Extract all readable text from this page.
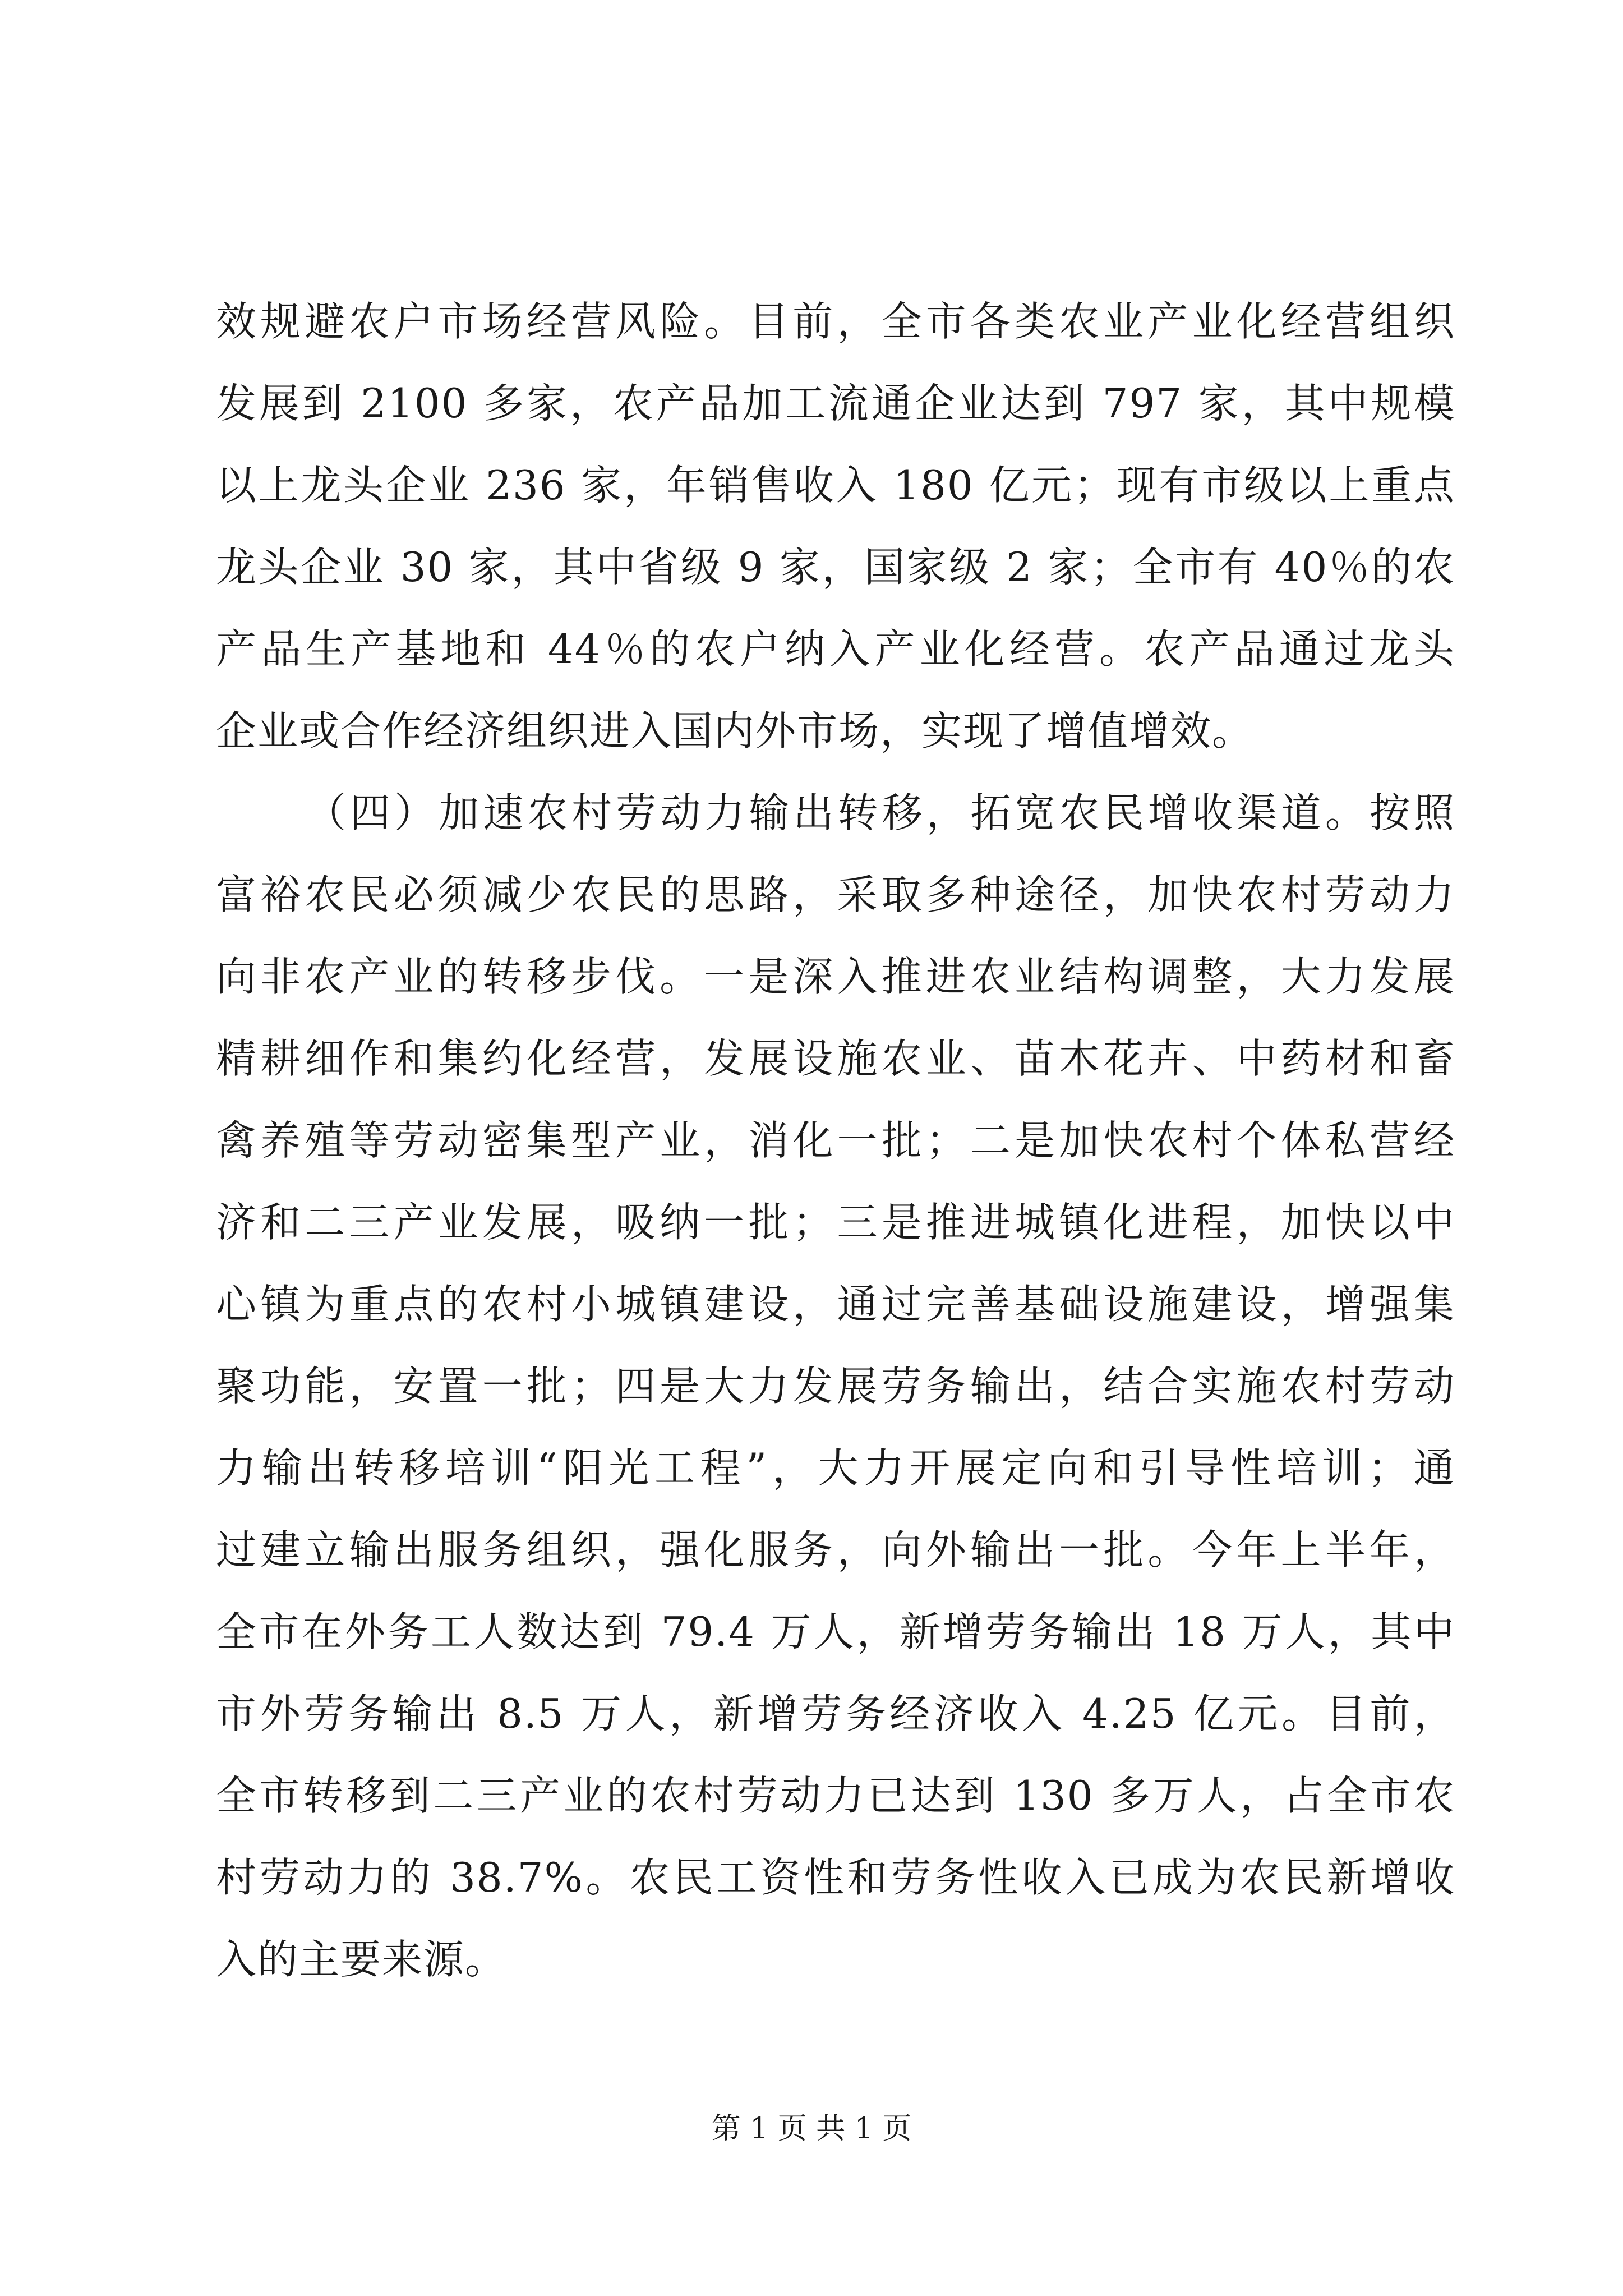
效规避农户市场经营风险。目前，全市各类农业产业化经营组织
发展到 2100 多家，农产品加工流通企业达到 797 家，其中规模
以上龙头企业 236 家，年销售收入 180 亿元；现有市级以上重点
龙头企业 30 家，其中省级 9 家，国家级 2 家；全市有 40％的农
产品生产基地和 44％的农户纳入产业化经营。农产品通过龙头
企业或合作经济组织进入国内外市场，实现了增值增效。
（四）加速农村劳动力输出转移，拓宽农民增收渠道。按照
富裕农民必须减少农民的思路，采取多种途径，加快农村劳动力
向非农产业的转移步伐。一是深入推进农业结构调整，大力发展
精耕细作和集约化经营，发展设施农业、苗木花卉、中药材和畜
禽养殖等劳动密集型产业，消化一批；二是加快农村个体私营经
济和二三产业发展，吸纳一批；三是推进城镇化进程，加快以中
心镇为重点的农村小城镇建设，通过完善基础设施建设，增强集
聚功能，安置一批；四是大力发展劳务输出，结合实施农村劳动
力输出转移培训“阳光工程”，大力开展定向和引导性培训；通
过建立输出服务组织，强化服务，向外输出一批。今年上半年，
全市在外务工人数达到 79.4 万人，新增劳务输出 18 万人，其中
市外劳务输出 8.5 万人，新增劳务经济收入 4.25 亿元。目前，
全市转移到二三产业的农村劳动力已达到 130 多万人，占全市农
村劳动力的 38.7%。农民工资性和劳务性收入已成为农民新增收
入的主要来源。
第 1 页 共 1 页
